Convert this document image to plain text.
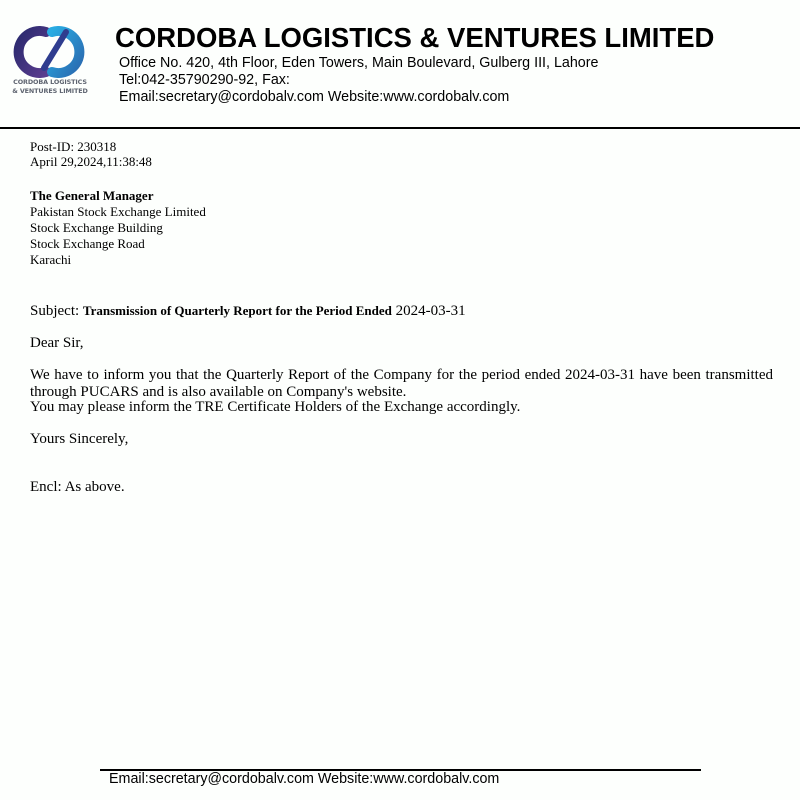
CORDOBA LOGISTICS
& VENTURES LIMITED
CORDOBA LOGISTICS & VENTURES LIMITED
Office No. 420, 4th Floor, Eden Towers, Main Boulevard, Gulberg III, Lahore
Tel:042-35790290-92, Fax:
Email:secretary@cordobalv.com Website:www.cordobalv.com
Post-ID: 230318
April 29,2024,11:38:48
The General Manager
Pakistan Stock Exchange Limited
Stock Exchange Building
Stock Exchange Road
Karachi
Subject: Transmission of Quarterly Report for the Period Ended 2024-03-31
Dear Sir,
We have to inform you that the Quarterly Report of the Company for the period ended 2024-03-31 have been transmitted through PUCARS and is also available on Company's website.
You may please inform the TRE Certificate Holders of the Exchange accordingly.
Yours Sincerely,
Encl: As above.
Email:secretary@cordobalv.com Website:www.cordobalv.com
